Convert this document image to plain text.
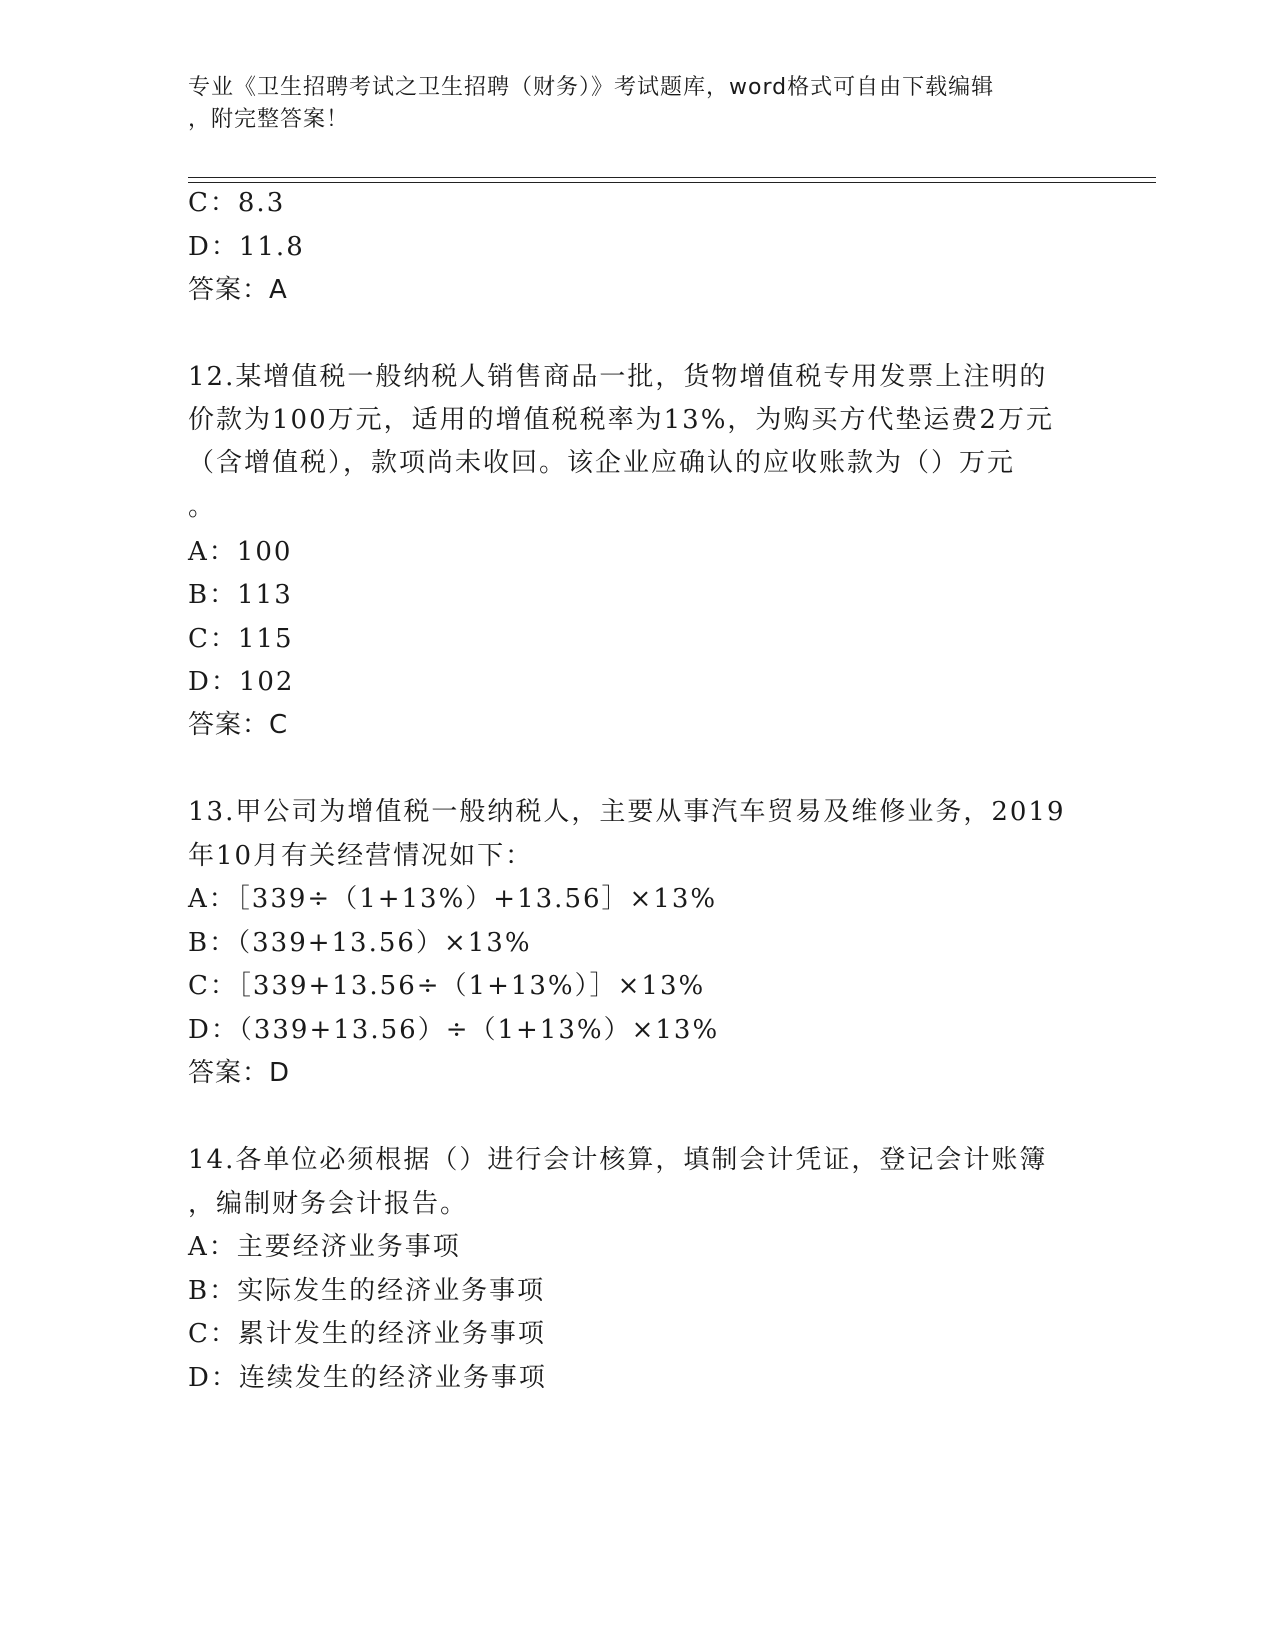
专业《卫生招聘考试之卫生招聘（财务）》考试题库，word格式可自由下载编辑
，附完整答案！
C：8.3
D：11.8
答案：A
12.某增值税一般纳税人销售商品一批，货物增值税专用发票上注明的
价款为100万元，适用的增值税税率为13%，为购买方代垫运费2万元
（含增值税），款项尚未收回。该企业应确认的应收账款为（）万元
。
A：100
B：113
C：115
D：102
答案：C
13.甲公司为增值税一般纳税人，主要从事汽车贸易及维修业务，2019
年10月有关经营情况如下：
A：［339÷（1+13%）+13.56］×13%
B：（339+13.56）×13%
C：［339+13.56÷（1+13%）］×13%
D：（339+13.56）÷（1+13%）×13%
答案：D
14.各单位必须根据（）进行会计核算，填制会计凭证，登记会计账簿
，编制财务会计报告。
A：主要经济业务事项
B：实际发生的经济业务事项
C：累计发生的经济业务事项
D：连续发生的经济业务事项
